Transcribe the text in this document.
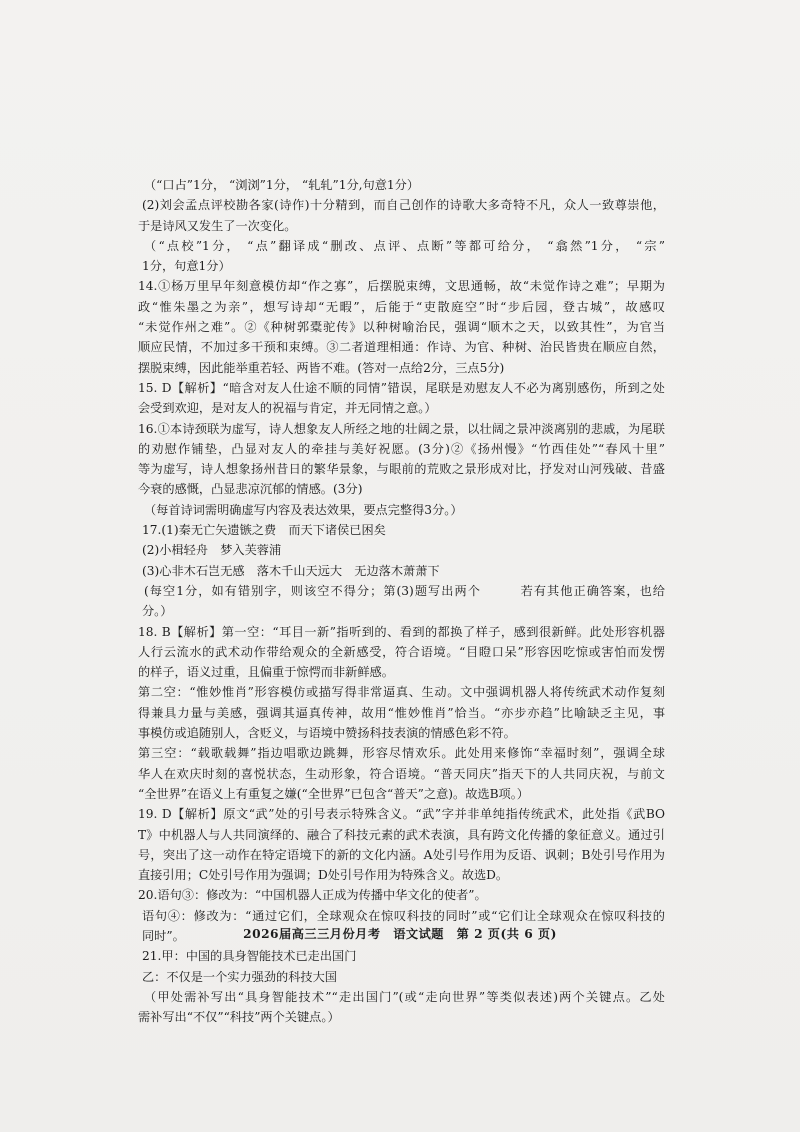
（“口占”1分， “浏浏”1分， “轧轧”1分,句意1分）
(2)刘会孟点评校勘各家(诗作)十分精到，而自己创作的诗歌大多奇特不凡，众人一致尊崇他，
于是诗风又发生了一次变化。
（“点校”1分， “点”翻译成“删改、点评、点断”等都可给分， “翕然”1分， “宗”
1分，句意1分）
14.①杨万里早年刻意模仿却“作之寡”，后摆脱束缚，文思通畅，故“未觉作诗之难”；早期为
政“惟朱墨之为亲”，想写诗却“无暇”，后能于“吏散庭空”时“步后园，登古城”，故感叹
“未觉作州之难”。②《种树郭橐驼传》以种树喻治民，强调“顺木之天，以致其性”，为官当
顺应民情，不加过多干预和束缚。③二者道理相通：作诗、为官、种树、治民皆贵在顺应自然，
摆脱束缚，因此能举重若轻、两皆不难。(答对一点给2分，三点5分)
15. D【解析】“暗含对友人仕途不顺的同情”错误，尾联是劝慰友人不必为离别感伤，所到之处
会受到欢迎，是对友人的祝福与肯定，并无同情之意。）
16.①本诗颈联为虚写，诗人想象友人所经之地的壮阔之景，以壮阔之景冲淡离别的悲戚，为尾联
的劝慰作铺垫，凸显对友人的牵挂与美好祝愿。(3分)②《扬州慢》“竹西佳处”“春风十里”
等为虚写，诗人想象扬州昔日的繁华景象，与眼前的荒败之景形成对比，抒发对山河残破、昔盛
今衰的感慨，凸显悲凉沉郁的情感。(3分)
（每首诗词需明确虚写内容及表达效果，要点完整得3分。）
17.(1)秦无亡矢遗镞之费　而天下诸侯已困矣
(2)小楫轻舟　梦入芙蓉浦
(3)心非木石岂无感　落木千山天远大　无边落木萧萧下
(每空1分，如有错别字，则该空不得分；第(3)题写出两个　　　若有其他正确答案，也给
分。）
18. B【解析】第一空：“耳目一新”指听到的、看到的都换了样子，感到很新鲜。此处形容机器
人行云流水的武术动作带给观众的全新感受，符合语境。“目瞪口呆”形容因吃惊或害怕而发愣
的样子，语义过重，且偏重于惊愕而非新鲜感。
第二空：“惟妙惟肖”形容模仿或描写得非常逼真、生动。文中强调机器人将传统武术动作复刻
得兼具力量与美感，强调其逼真传神，故用“惟妙惟肖”恰当。“亦步亦趋”比喻缺乏主见，事
事模仿或追随别人，含贬义，与语境中赞扬科技表演的情感色彩不符。
第三空：“载歌载舞”指边唱歌边跳舞，形容尽情欢乐。此处用来修饰“幸福时刻”，强调全球
华人在欢庆时刻的喜悦状态，生动形象，符合语境。“普天同庆”指天下的人共同庆祝，与前文
“全世界”在语义上有重复之嫌(“全世界”已包含“普天”之意)。故选B项。）
19. D【解析】原文“武”处的引号表示特殊含义。“武”字并非单纯指传统武术，此处指《武BO
T》中机器人与人共同演绎的、融合了科技元素的武术表演，具有跨文化传播的象征意义。通过引
号，突出了这一动作在特定语境下的新的文化内涵。A处引号作用为反语、讽刺；B处引号作用为
直接引用；C处引号作用为强调；D处引号作用为特殊含义。故选D。
20.语句③：修改为：“中国机器人正成为传播中华文化的使者”。
语句④：修改为：“通过它们，全球观众在惊叹科技的同时”或“它们让全球观众在惊叹科技的
同时”。
21.甲：中国的具身智能技术已走出国门
乙：不仅是一个实力强劲的科技大国
（甲处需补写出“具身智能技术”“走出国门”(或“走向世界”等类似表述)两个关键点。乙处
需补写出“不仅”“科技”两个关键点。）
2026届高三三月份月考　语文试题　第 2 页(共 6 页)
